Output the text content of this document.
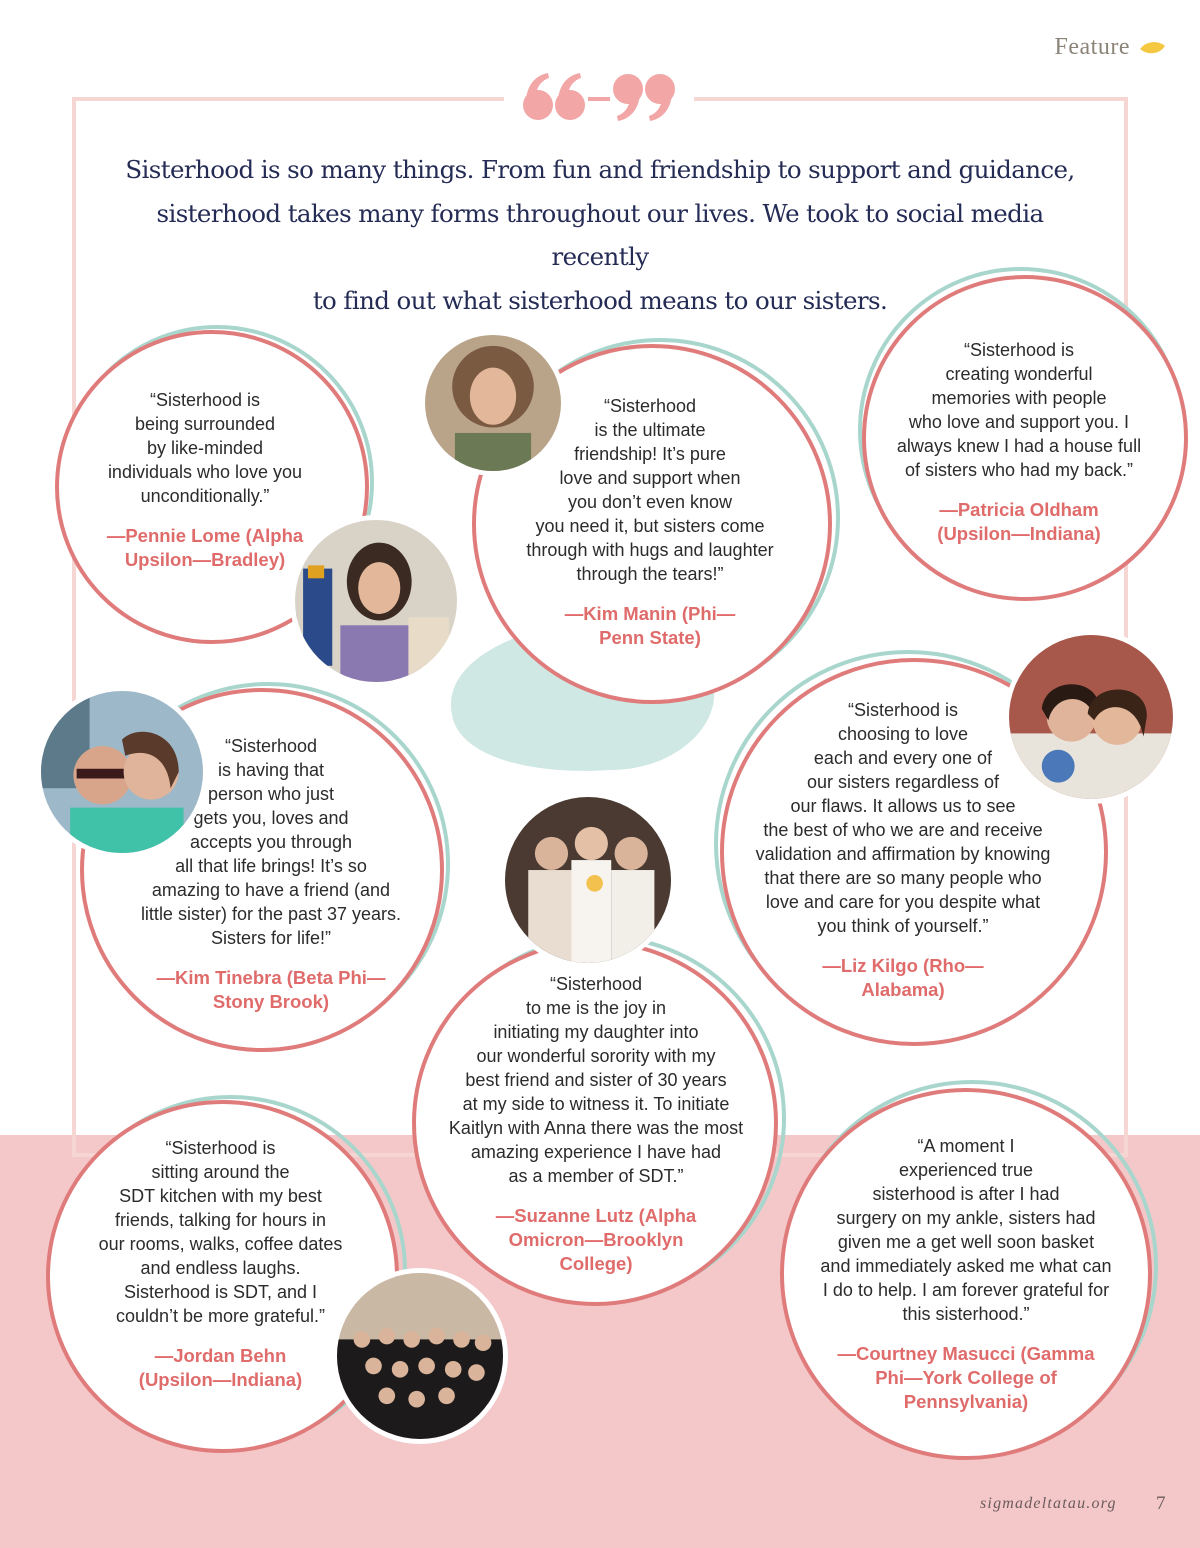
Feature
Sisterhood is so many things. From fun and friendship to support and guidance,
sisterhood takes many forms throughout our lives. We took to social media recently
to find out what sisterhood means to our sisters.
“Sisterhood is
being surrounded
by like-minded
individuals who love you
unconditionally.”
—Pennie Lome (Alpha
Upsilon—Bradley)
“Sisterhood
is the ultimate
friendship! It’s pure
love and support when
you don’t even know
you need it, but sisters come
through with hugs and laughter
through the tears!”
—Kim Manin (Phi—
Penn State)
“Sisterhood is
creating wonderful
memories with people
who love and support you. I
always knew I had a house full
of sisters who had my back.”
—Patricia Oldham
(Upsilon—Indiana)
“Sisterhood
is having that
person who just
gets you, loves and
accepts you through
all that life brings! It’s so
amazing to have a friend (and
little sister) for the past 37 years.
Sisters for life!”
—Kim Tinebra (Beta Phi—
Stony Brook)
“Sisterhood is
choosing to love
each and every one of
our sisters regardless of
our flaws. It allows us to see
the best of who we are and receive
validation and affirmation by knowing
that there are so many people who
love and care for you despite what
you think of yourself.”
—Liz Kilgo (Rho—
Alabama)
“Sisterhood
to me is the joy in
initiating my daughter into
our wonderful sorority with my
best friend and sister of 30 years
at my side to witness it. To initiate
Kaitlyn with Anna there was the most
amazing experience I have had
as a member of SDT.”
—Suzanne Lutz (Alpha
Omicron—Brooklyn
College)
“Sisterhood is
sitting around the
SDT kitchen with my best
friends, talking for hours in
our rooms, walks, coffee dates
and endless laughs.
Sisterhood is SDT, and I
couldn’t be more grateful.”
—Jordan Behn
(Upsilon—Indiana)
“A moment I
experienced true
sisterhood is after I had
surgery on my ankle, sisters had
given me a get well soon basket
and immediately asked me what can
I do to help. I am forever grateful for
this sisterhood.”
—Courtney Masucci (Gamma
Phi—York College of
Pennsylvania)
sigmadeltatau.org 7
